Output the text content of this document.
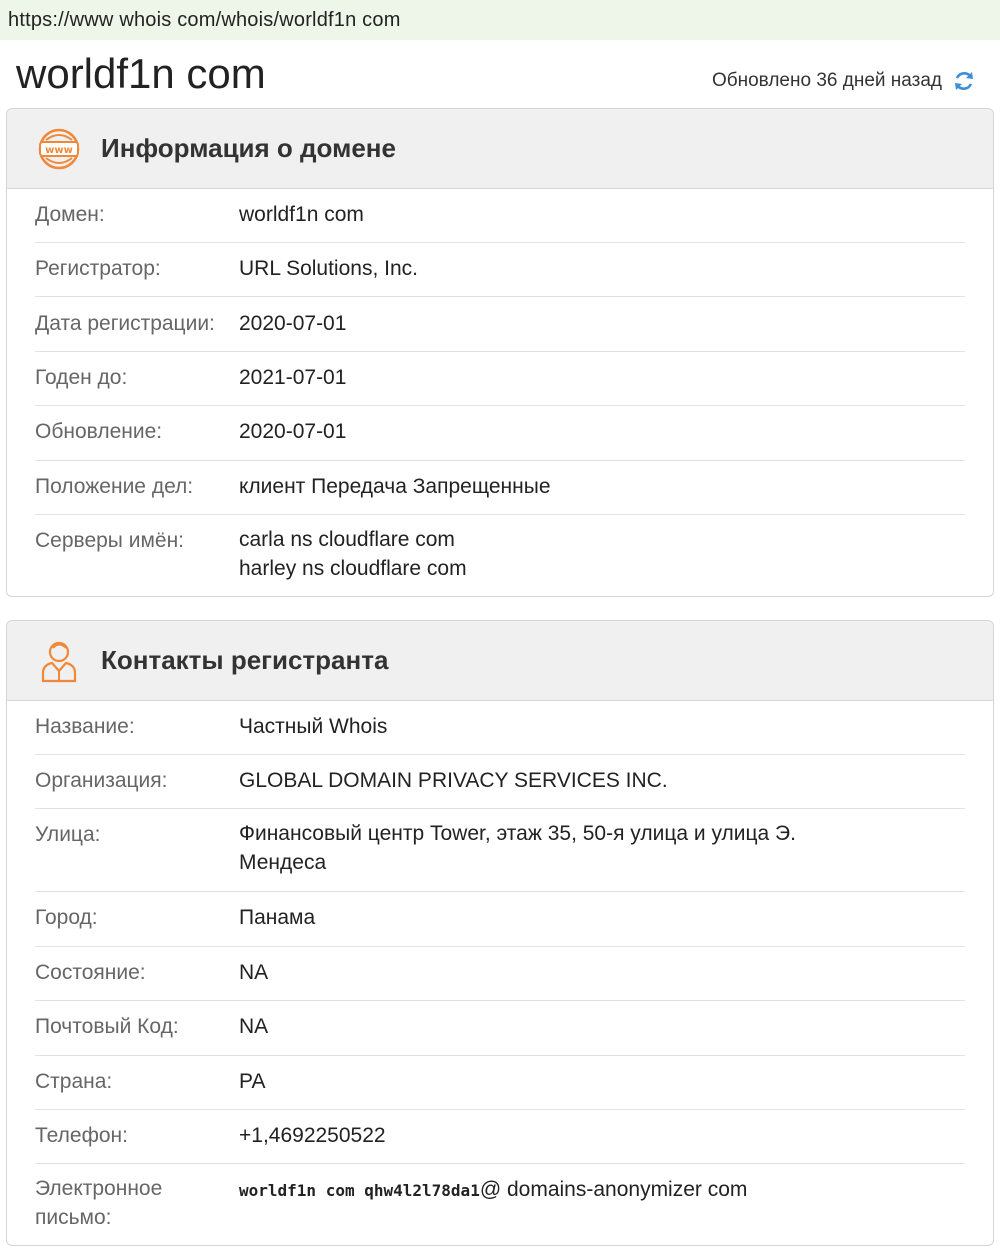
https://www whois com/whois/worldf1n com
worldf1n com	Обновлено 36 дней назад
www Информация о домене
Домен:	worldf1n com
Регистратор:	URL Solutions, Inc.
Дата регистрации:	2020-07-01
Годен до:	2021-07-01
Обновление:	2020-07-01
Положение дел:	клиент Передача Запрещенные
Серверы имён:	carla ns cloudflare com
harley ns cloudflare com
Контакты регистранта
Название:	Частный Whois
Организация:	GLOBAL DOMAIN PRIVACY SERVICES INC.
Улица:	Финансовый центр Tower, этаж 35, 50-я улица и улица Э. Мендеса
Город:	Панама
Состояние:	NA
Почтовый Код:	NA
Страна:	PA
Телефон:	+1,4692250522
Электронное письмо:
worldf1n com qhw4l2l78da1@ domains-anonymizer com
